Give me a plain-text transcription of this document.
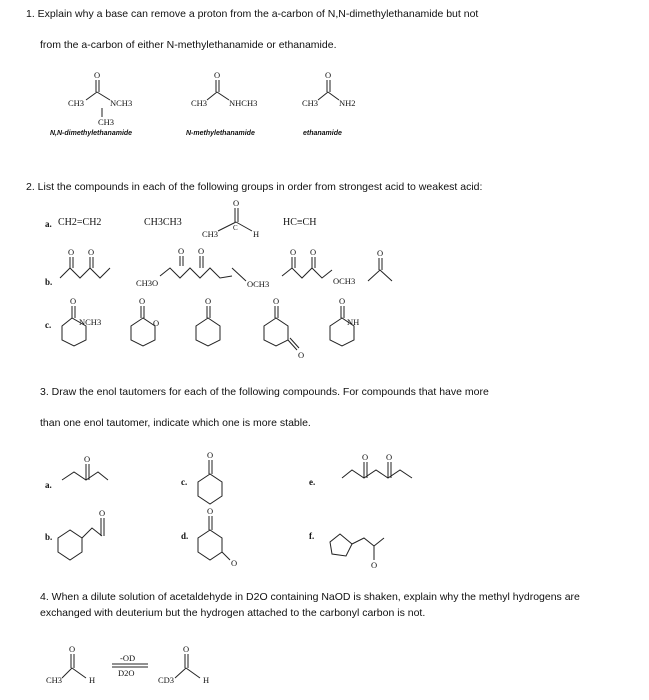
1. Explain why a base can remove a proton from the a-carbon of N,N-dimethylethanamide but not
from the a-carbon of either N-methylethanamide or ethanamide.
2. List the compounds in each of the following groups in order from strongest acid to weakest acid:
3. Draw the enol tautomers for each of the following compounds. For compounds that have more
than one enol tautomer, indicate which one is more stable.
4. When a dilute solution of acetaldehyde in D2O containing NaOD is shaken, explain why the methyl hydrogens are
exchanged with deuterium but the hydrogen attached to the carbonyl carbon is not.
N,N-dimethylethanamide	N-methylethanamide	ethanamide
CH3	NCH3
CH3
CH3	NHCH3	CH3 NH2
a. CH2=CH2	CH3CH3
CH3	H
HC≡CH
b.	CH3O	OCH3	OCH3
c.	NCH3	O	NH
a.
b.
c.
d.
e.
f.
CH3	H
-OD
D2O
CD3	H
O	O	O
O
C
O O	O O	O O	O
O	O	O	O
O
O
O
O
O
O
O
O O
O
O	O
